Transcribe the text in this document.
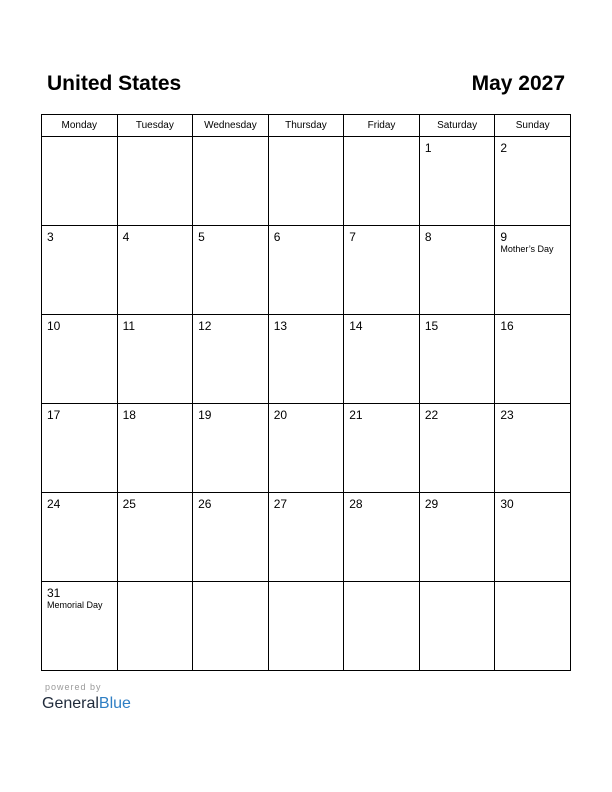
United States	May 2027
Monday	Tuesday	Wednesday	Thursday	Friday	Saturday	Sunday

					1	2

3	4	5	6	7	8	9
Mother’s Day

10	11	12	13	14	15	16

17	18	19	20	21	22	23

24	25	26	27	28	29	30

31
Memorial Day						

powered by
GeneralBlue
